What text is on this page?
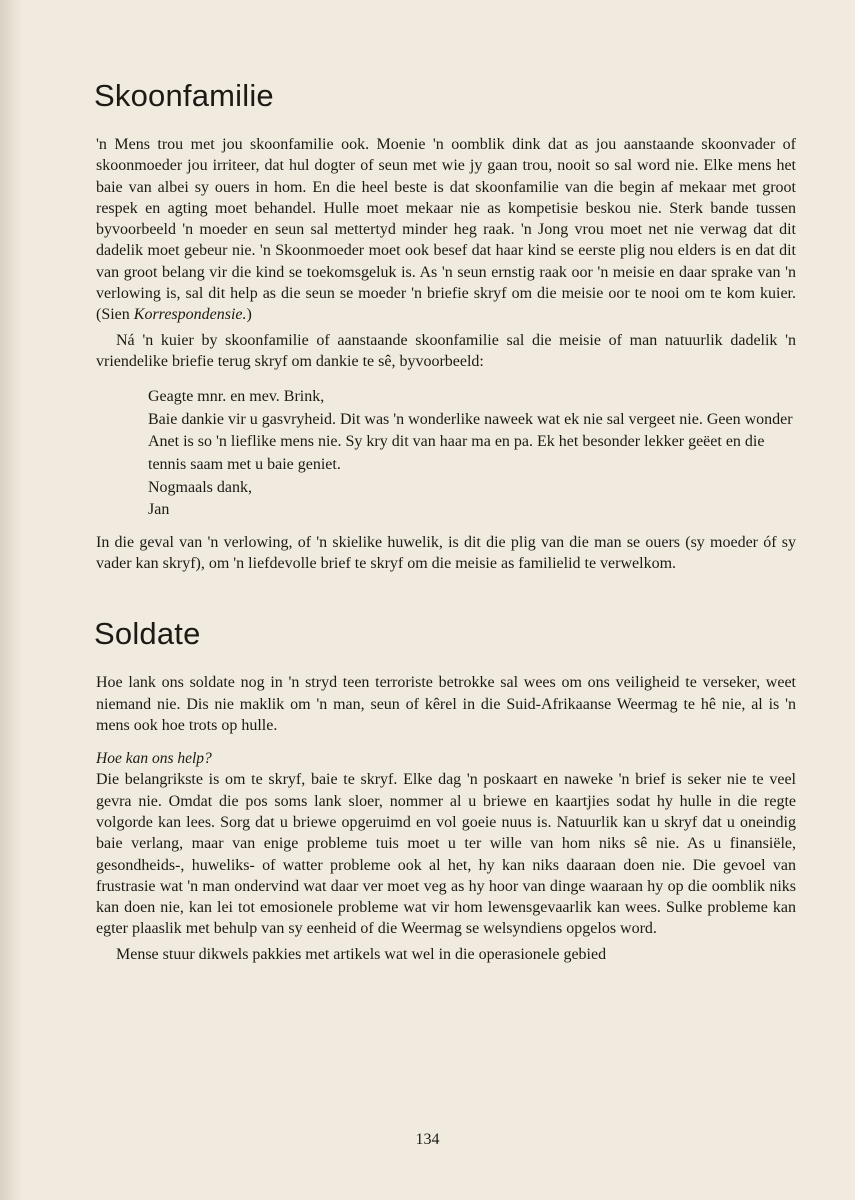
Skoonfamilie

'n Mens trou met jou skoonfamilie ook. Moenie 'n oomblik dink dat as jou aanstaande skoonvader of skoonmoeder jou irriteer, dat hul dogter of seun met wie jy gaan trou, nooit so sal word nie. Elke mens het baie van albei sy ouers in hom. En die heel beste is dat skoonfamilie van die begin af mekaar met groot respek en agting moet behandel. Hulle moet mekaar nie as kompetisie beskou nie. Sterk bande tussen byvoorbeeld 'n moeder en seun sal mettertyd minder heg raak. 'n Jong vrou moet net nie verwag dat dit dadelik moet gebeur nie. 'n Skoonmoeder moet ook besef dat haar kind se eerste plig nou elders is en dat dit van groot belang vir die kind se toekomsgeluk is. As 'n seun ernstig raak oor 'n meisie en daar sprake van 'n verlowing is, sal dit help as die seun se moeder 'n briefie skryf om die meisie oor te nooi om te kom kuier. (Sien Korrespondensie.)

Ná 'n kuier by skoonfamilie of aanstaande skoonfamilie sal die meisie of man natuurlik dadelik 'n vriendelike briefie terug skryf om dankie te sê, byvoorbeeld:

Geagte mnr. en mev. Brink,

Baie dankie vir u gasvryheid. Dit was 'n wonderlike naweek wat ek nie sal vergeet nie. Geen wonder Anet is so 'n lieflike mens nie. Sy kry dit van haar ma en pa. Ek het besonder lekker geëet en die tennis saam met u baie geniet.

Nogmaals dank,

Jan

In die geval van 'n verlowing, of 'n skielike huwelik, is dit die plig van die man se ouers (sy moeder óf sy vader kan skryf), om 'n liefdevolle brief te skryf om die meisie as familielid te verwelkom.

Soldate

Hoe lank ons soldate nog in 'n stryd teen terroriste betrokke sal wees om ons veiligheid te verseker, weet niemand nie. Dis nie maklik om 'n man, seun of kêrel in die Suid-Afrikaanse Weermag te hê nie, al is 'n mens ook hoe trots op hulle.

Hoe kan ons help?

Die belangrikste is om te skryf, baie te skryf. Elke dag 'n poskaart en naweke 'n brief is seker nie te veel gevra nie. Omdat die pos soms lank sloer, nommer al u briewe en kaartjies sodat hy hulle in die regte volgorde kan lees. Sorg dat u briewe opgeruimd en vol goeie nuus is. Natuurlik kan u skryf dat u oneindig baie verlang, maar van enige probleme tuis moet u ter wille van hom niks sê nie. As u finansiële, gesondheids-, huweliks- of watter probleme ook al het, hy kan niks daaraan doen nie. Die gevoel van frustrasie wat 'n man ondervind wat daar ver moet veg as hy hoor van dinge waaraan hy op die oomblik niks kan doen nie, kan lei tot emosionele probleme wat vir hom lewensgevaarlik kan wees. Sulke probleme kan egter plaaslik met behulp van sy eenheid of die Weermag se welsyndiens opgelos word.

Mense stuur dikwels pakkies met artikels wat wel in die operasionele gebied

134
